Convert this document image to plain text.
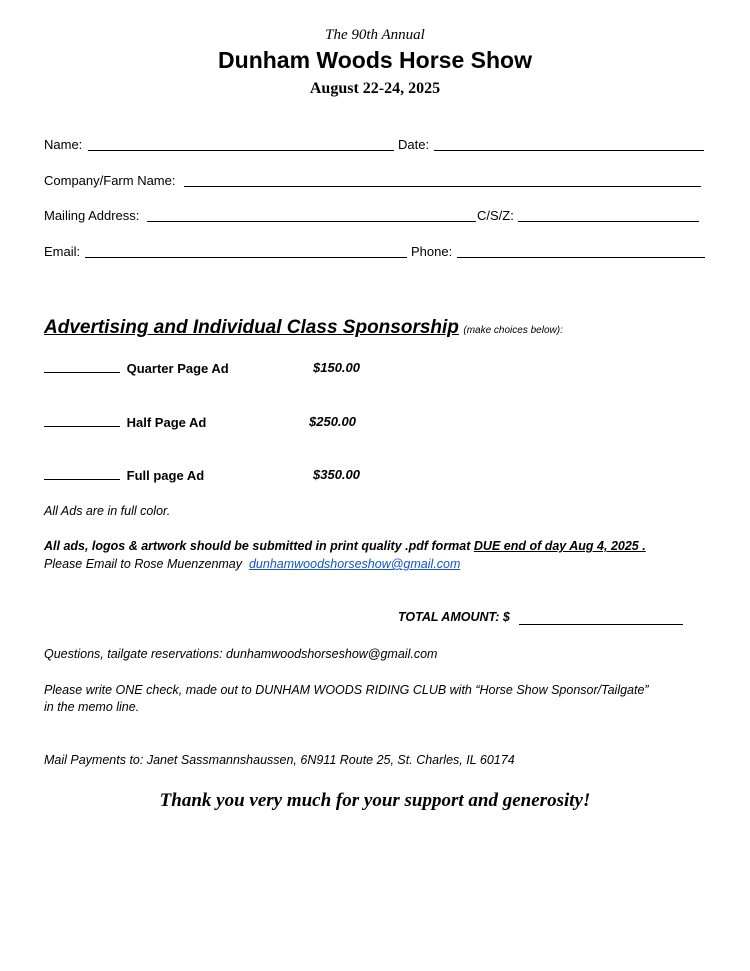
The 90th Annual
Dunham Woods Horse Show
August 22-24, 2025
Name:	Date:
Company/Farm Name:
Mailing Address:	C/S/Z:
Email:	Phone:
Advertising and Individual Class Sponsorship (make choices below):
Quarter Page Ad	$150.00
Half Page Ad	$250.00
Full page Ad	$350.00
All Ads are in full color.
All ads, logos & artwork should be submitted in print quality .pdf format DUE end of day Aug 4, 2025 .
Please Email to Rose Muenzenmay dunhamwoodshorseshow@gmail.com
TOTAL AMOUNT: $
Questions, tailgate reservations: dunhamwoodshorseshow@gmail.com
Please write ONE check, made out to DUNHAM WOODS RIDING CLUB with “Horse Show Sponsor/Tailgate”
in the memo line.
Mail Payments to: Janet Sassmannshaussen, 6N911 Route 25, St. Charles, IL 60174
Thank you very much for your support and generosity!
